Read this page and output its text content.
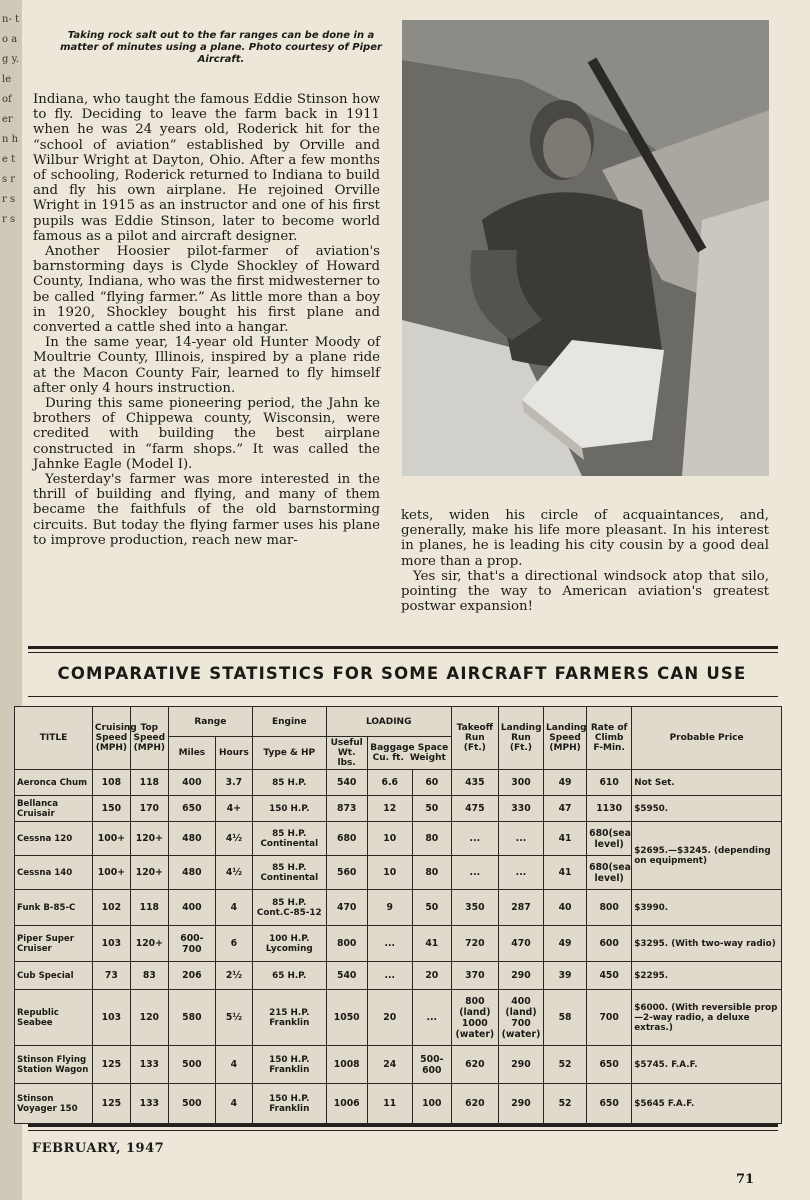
n- to a g y. le of er n h e ts r r s r s
Taking rock salt out to the far ranges can be done in a matter of minutes using a plane. Photo courtesy of Piper Aircraft.

Indiana, who taught the famous Eddie Stinson how to fly. Deciding to leave the farm back in 1911 when he was 24 years old, Roderick hit for the “school of aviation” established by Orville and Wilbur Wright at Dayton, Ohio. After a few months of schooling, Roderick returned to Indiana to build and fly his own airplane. He rejoined Orville Wright in 1915 as an instructor and one of his first pupils was Eddie Stinson, later to become world famous as a pilot and aircraft designer.

Another Hoosier pilot-farmer of aviation's barnstorming days is Clyde Shockley of Howard County, Indiana, who was the first midwesterner to be called “flying farmer.” As little more than a boy in 1920, Shockley bought his first plane and converted a cattle shed into a hangar.

In the same year, 14-year old Hunter Moody of Moultrie County, Illinois, inspired by a plane ride at the Macon County Fair, learned to fly himself after only 4 hours instruction.

During this same pioneering period, the Jahn ke brothers of Chippewa county, Wisconsin, were credited with building the best airplane constructed in “farm shops.” It was called the Jahnke Eagle (Model I).

Yesterday's farmer was more interested in the thrill of building and flying, and many of them became the faithfuls of the old barnstorming circuits. But today the flying farmer uses his plane to improve production, reach new mar-

kets, widen his circle of acquaintances, and, generally, make his life more pleasant. In his interest in planes, he is leading his city cousin by a good deal more than a prop.

Yes sir, that's a directional windsock atop that silo, pointing the way to American aviation's greatest postwar expansion!

COMPARATIVE STATISTICS FOR SOME AIRCRAFT FARMERS CAN USE
TITLE	Cruising Speed (MPH)	Top Speed (MPH)	Range		Engine	LOADING			Takeoff Run (Ft.)	Landing Run (Ft.)	Landing Speed (MPH)	Rate of Climb F-Min.	Probable Price
			Miles	Hours	Type & HP	Useful Wt. lbs.	Baggage Space
Cu. ft. Weight						

Aeronca Chum	108	118	400	3.7	85 H.P.	540	6.6	60	435	300	49	610	Not Set.
Bellanca Cruisair	150	170	650	4+	150 H.P.	873	12	50	475	330	47	1130	$5950.
Cessna 120	100+	120+	480	4½	85 H.P. Continental	680	10	80	...	...	41	680(sea level)	$2695.—$3245. (depending on equipment)
Cessna 140	100+	120+	480	4½	85 H.P. Continental	560	10	80	...	...	41	680(sea level)	
Funk B-85-C	102	118	400	4	85 H.P. Cont.C-85-12	470	9	50	350	287	40	800	$3990.
Piper Super Cruiser	103	120+	600-700	6	100 H.P. Lycoming	800	...	41	720	470	49	600	$3295. (With two-way radio)
Cub Special	73	83	206	2½	65 H.P.	540	...	20	370	290	39	450	$2295.
Republic Seabee	103	120	580	5½	215 H.P. Franklin	1050	20	...	800 (land) 1000 (water)	400 (land) 700 (water)	58	700	$6000. (With reversible prop—2-way radio, a deluxe extras.)
Stinson Flying Station Wagon	125	133	500	4	150 H.P. Franklin	1008	24	500-600	620	290	52	650	$5745. F.A.F.
Stinson Voyager 150	125	133	500	4	150 H.P. Franklin	1006	11	100	620	290	52	650	$5645 F.A.F.
FEBRUARY, 1947
71
